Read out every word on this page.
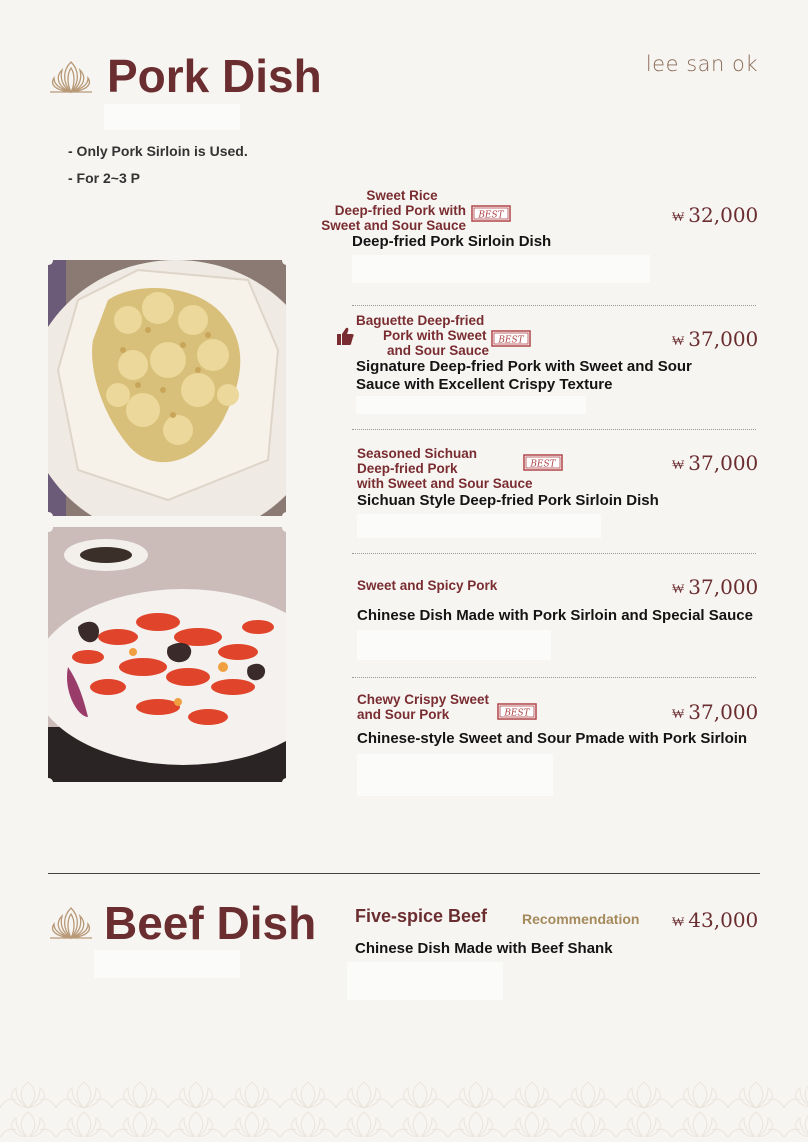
lee san ok
Pork Dish
- Only Pork Sirloin is Used.
- For 2~3 P
Sweet Rice
Deep-fried Pork with
Sweet and Sour Sauce
BEST
Deep-fried Pork Sirloin Dish
₩ 32,000
Baguette Deep-fried
Pork with Sweet
and Sour Sauce
BEST
Signature Deep-fried Pork with Sweet and Sour
Sauce with Excellent Crispy Texture
₩ 37,000
Seasoned Sichuan
Deep-fried Pork
with Sweet and Sour Sauce
BEST
Sichuan Style Deep-fried Pork Sirloin Dish
₩ 37,000
Sweet and Spicy Pork
Chinese Dish Made with Pork Sirloin and Special Sauce
₩ 37,000
Chewy Crispy Sweet
and Sour Pork	BEST
Chinese-style Sweet and Sour Pmade with Pork Sirloin
₩ 37,000
Beef Dish Five-spice Beef Recommendation	₩ 43,000
Chinese Dish Made with Beef Shank
